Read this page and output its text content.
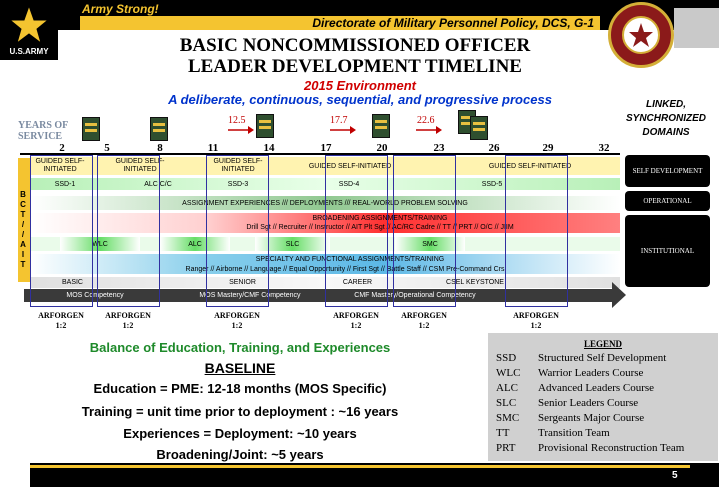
Army Strong!
Directorate of Military Personnel Policy, DCS, G-1
U.S.ARMY	BASIC NONCOMMISSIONED OFFICER
LEADER DEVELOPMENT TIMELINE
2015 Environment
A deliberate, continuous, sequential, and progressive process
YEARS OF
SERVICE
2	5	8	11	14	17	20	23	26	29	32
12.5	17.7	22.6
LINKED,
SYNCHRONIZED
DOMAINS
SELF DEVELOPMENT
OPERATIONAL
INSTITUTIONAL
B
C
T
/
/
A
I
T
GUIDED SELF-INITIATED
GUIDED SELF-INITIATED
GUIDED SELF-INITIATED	GUIDED SELF-INITIATED	GUIDED SELF-INITIATED
SSD-1	ALC C/C	SSD-3	SSD-4	SSD-5
ASSIGNMENT EXPERIENCES /// DEPLOYMENTS /// REAL-WORLD PROBLEM SOLVING
BROADENING ASSIGNMENTS/TRAINING
Drill Sgt // Recruiter // Instructor // AIT Plt Sgt // AC/RC Cadre // TT // PRT // O/C // JIIM
WLC	ALC	SLC	SMC
SPECIALTY AND FUNCTIONAL ASSIGNMENTS/TRAINING
Ranger // Airborne // Language // Equal Opportunity // First Sgt // Battle Staff // CSM Pre-Command Crs
BASIC	SENIOR	CAREER	CSEL KEYSTONE
MOS Competency	MOS Mastery/CMF Competency	CMF Mastery/Operational Competency
ARFORGEN
1:2
ARFORGEN
1:2
ARFORGEN
1:2
ARFORGEN
1:2
ARFORGEN
1:2
ARFORGEN
1:2
Balance of Education, Training, and Experiences
BASELINE
Education = PME: 12-18 months (MOS Specific)
Training = unit time prior to deployment : ~16 years
Experiences = Deployment: ~10 years
Broadening/Joint: ~5 years
LEGEND
SSD	Structured Self Development
WLC	Warrior Leaders Course
ALC	Advanced Leaders Course
SLC	Senior Leaders Course
SMC	Sergeants Major Course
TT	Transition Team
PRT	Provisional Reconstruction Team
5
